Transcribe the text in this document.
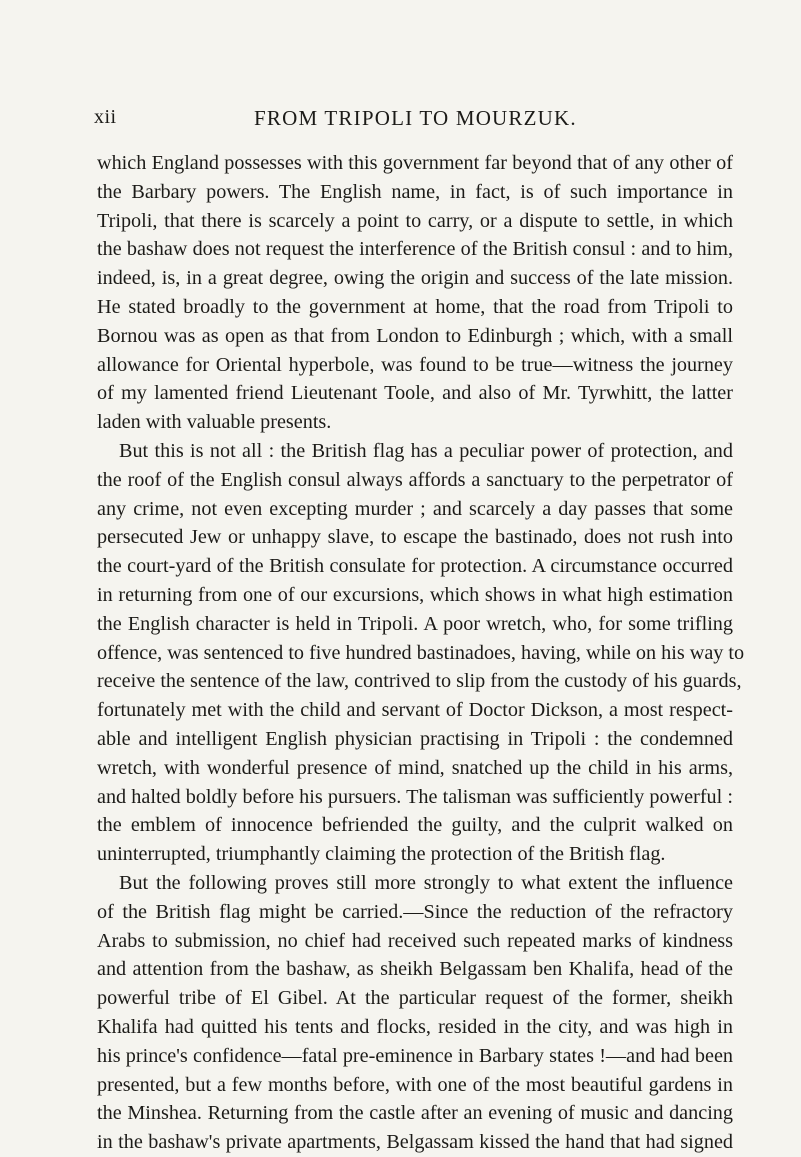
xii	FROM TRIPOLI TO MOURZUK.
which England possesses with this government far beyond that of any other of
the Barbary powers. The English name, in fact, is of such importance in
Tripoli, that there is scarcely a point to carry, or a dispute to settle, in which
the bashaw does not request the interference of the British consul : and to him,
indeed, is, in a great degree, owing the origin and success of the late mission.
He stated broadly to the government at home, that the road from Tripoli to
Bornou was as open as that from London to Edinburgh ; which, with a small
allowance for Oriental hyperbole, was found to be true—witness the journey
of my lamented friend Lieutenant Toole, and also of Mr. Tyrwhitt, the latter
laden with valuable presents.
But this is not all : the British flag has a peculiar power of protection, and
the roof of the English consul always affords a sanctuary to the perpetrator of
any crime, not even excepting murder ; and scarcely a day passes that some
persecuted Jew or unhappy slave, to escape the bastinado, does not rush into
the court-yard of the British consulate for protection. A circumstance occurred
in returning from one of our excursions, which shows in what high estimation
the English character is held in Tripoli. A poor wretch, who, for some trifling
offence, was sentenced to five hundred bastinadoes, having, while on his way to
receive the sentence of the law, contrived to slip from the custody of his guards,
fortunately met with the child and servant of Doctor Dickson, a most respect-
able and intelligent English physician practising in Tripoli : the condemned
wretch, with wonderful presence of mind, snatched up the child in his arms,
and halted boldly before his pursuers. The talisman was sufficiently powerful :
the emblem of innocence befriended the guilty, and the culprit walked on
uninterrupted, triumphantly claiming the protection of the British flag.
But the following proves still more strongly to what extent the influence
of the British flag might be carried.—Since the reduction of the refractory
Arabs to submission, no chief had received such repeated marks of kindness
and attention from the bashaw, as sheikh Belgassam ben Khalifa, head of the
powerful tribe of El Gibel. At the particular request of the former, sheikh
Khalifa had quitted his tents and flocks, resided in the city, and was high in
his prince's confidence—fatal pre-eminence in Barbary states !—and had been
presented, but a few months before, with one of the most beautiful gardens in
the Minshea. Returning from the castle after an evening of music and dancing
in the bashaw's private apartments, Belgassam kissed the hand that had signed
